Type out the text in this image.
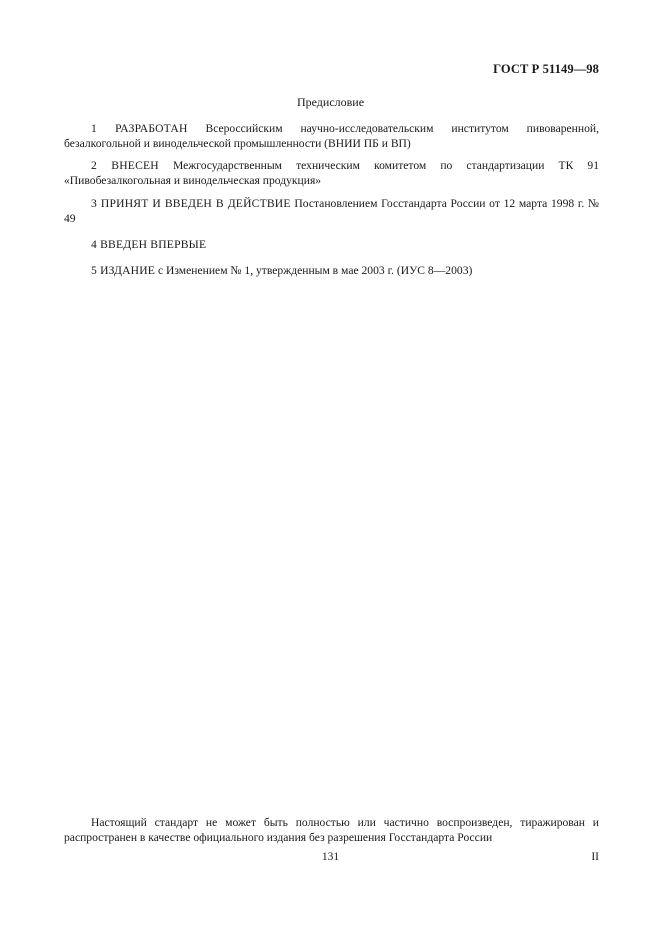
ГОСТ Р 51149—98
Предисловие

1 РАЗРАБОТАН Всероссийским научно-исследовательским институтом пивоваренной, безалкогольной и винодельческой промышленности (ВНИИ ПБ и ВП)

2 ВНЕСЕН Межгосударственным техническим комитетом по стандартизации ТК 91 «Пивобезалкогольная и винодельческая продукция»

3 ПРИНЯТ И ВВЕДЕН В ДЕЙСТВИЕ Постановлением Госстандарта России от 12 марта 1998 г. № 49

4 ВВЕДЕН ВПЕРВЫЕ

5 ИЗДАНИЕ с Изменением № 1, утвержденным в мае 2003 г. (ИУС 8—2003)

Настоящий стандарт не может быть полностью или частично воспроизведен, тиражирован и распространен в качестве официального издания без разрешения Госстандарта России
131	II
